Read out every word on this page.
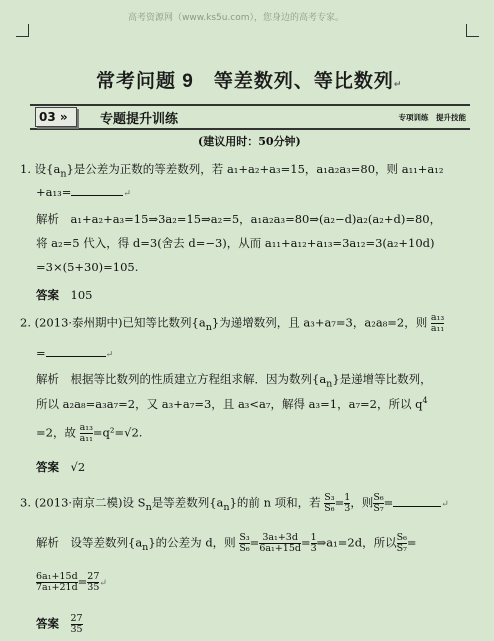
高考资源网（www.ks5u.com），您身边的高考专家。
常考问题 9　等差数列、等比数列↵
03 »	专题提升训练	专项训练　提升技能
(建议用时：50分钟)
1. 设$\{a_n\}$是公差为正数的等差数列，若 a₁+a₂+a₃=15，a₁a₂a₃=80，则 a₁₁+a₁₂
+a₁₃=	↵
解析　a₁+a₂+a₃=15⇒3a₂=15⇒a₂=5，a₁a₂a₃=80⇒(a₂−d)a₂(a₂+d)=80，
将 a₂=5 代入，得 d=3(舍去 d=−3)，从而 a₁₁+a₁₂+a₁₃=3a₁₂=3(a₂+10d)
=3×(5+30)=105.
答案　 105
2. (2013·泰州期中)已知等比数列$\{a_n\}$为递增数列，且 a₃+a₇=3，a₂a₈=2，则 $\frac{\text{a₁₃}}{\text{a₁₁}}$
=	↵
解析　根据等比数列的性质建立方程组求解．因为数列$\{a_n\}$是递增等比数列，
所以 a₂a₈=a₃a₇=2，又 a₃+a₇=3，且 a₃<a₇，解得 a₃=1，a₇=2，所以 $q^4$
=2，故 $\frac{\text{a₁₃}}{\text{a₁₁}} =q^2=√2$.
答案　 √2
3. (2013·南京二模)设 $S_n$是等差数列$\{a_n\}$的前 n 项和，若 $\frac{\text{S₃}}{\text{S₆}} = \frac{1}{3}$ ，则 $\frac{\text{S₆}}{\text{S₇}}$ =	↵
解析　设等差数列$\{a_n\}$的公差为 d，则 $\frac{\text{S₃}}{\text{S₆}} = \frac{\text{3a₁+3d}}{\text{6a₁+15d}} = \frac{1}{3}$ ⇒a₁=2d，所以 $\frac{\text{S₆}}{\text{S₇}}$ =
$\frac{\text{6a₁+15d}}{\text{7a₁+21d}} = \frac{27}{35}$ ↵
答案　 $\frac{27}{35}$
